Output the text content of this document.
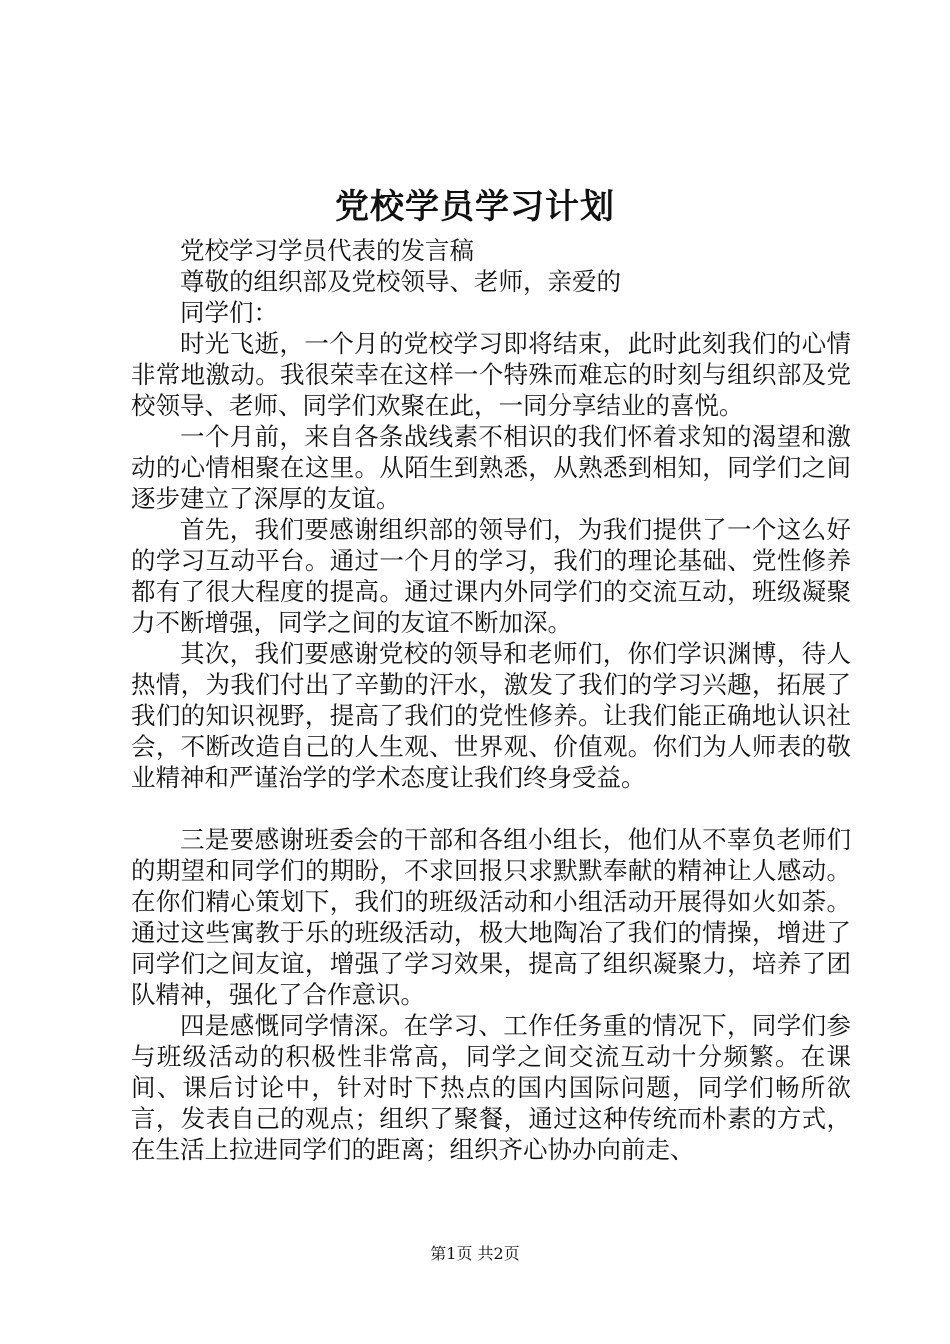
党校学员学习计划

党校学习学员代表的发言稿

尊敬的组织部及党校领导、老师，亲爱的

同学们：

时光飞逝，一个月的党校学习即将结束，此时此刻我们的心情非常地激动。我很荣幸在这样一个特殊而难忘的时刻与组织部及党校领导、老师、同学们欢聚在此，一同分享结业的喜悦。

一个月前，来自各条战线素不相识的我们怀着求知的渴望和激动的心情相聚在这里。从陌生到熟悉，从熟悉到相知，同学们之间逐步建立了深厚的友谊。

首先，我们要感谢组织部的领导们，为我们提供了一个这么好的学习互动平台。通过一个月的学习，我们的理论基础、党性修养都有了很大程度的提高。通过课内外同学们的交流互动，班级凝聚力不断增强，同学之间的友谊不断加深。

其次，我们要感谢党校的领导和老师们，你们学识渊博，待人热情，为我们付出了辛勤的汗水，激发了我们的学习兴趣，拓展了我们的知识视野，提高了我们的党性修养。让我们能正确地认识社会，不断改造自己的人生观、世界观、价值观。你们为人师表的敬业精神和严谨治学的学术态度让我们终身受益。

三是要感谢班委会的干部和各组小组长，他们从不辜负老师们的期望和同学们的期盼，不求回报只求默默奉献的精神让人感动。在你们精心策划下，我们的班级活动和小组活动开展得如火如荼。通过这些寓教于乐的班级活动，极大地陶冶了我们的情操，增进了同学们之间友谊，增强了学习效果，提高了组织凝聚力，培养了团队精神，强化了合作意识。

四是感慨同学情深。在学习、工作任务重的情况下，同学们参与班级活动的积极性非常高，同学之间交流互动十分频繁。在课间、课后讨论中，针对时下热点的国内国际问题，同学们畅所欲言，发表自己的观点；组织了聚餐，通过这种传统而朴素的方式，在生活上拉进同学们的距离；组织齐心协办向前走、

第1页 共2页
